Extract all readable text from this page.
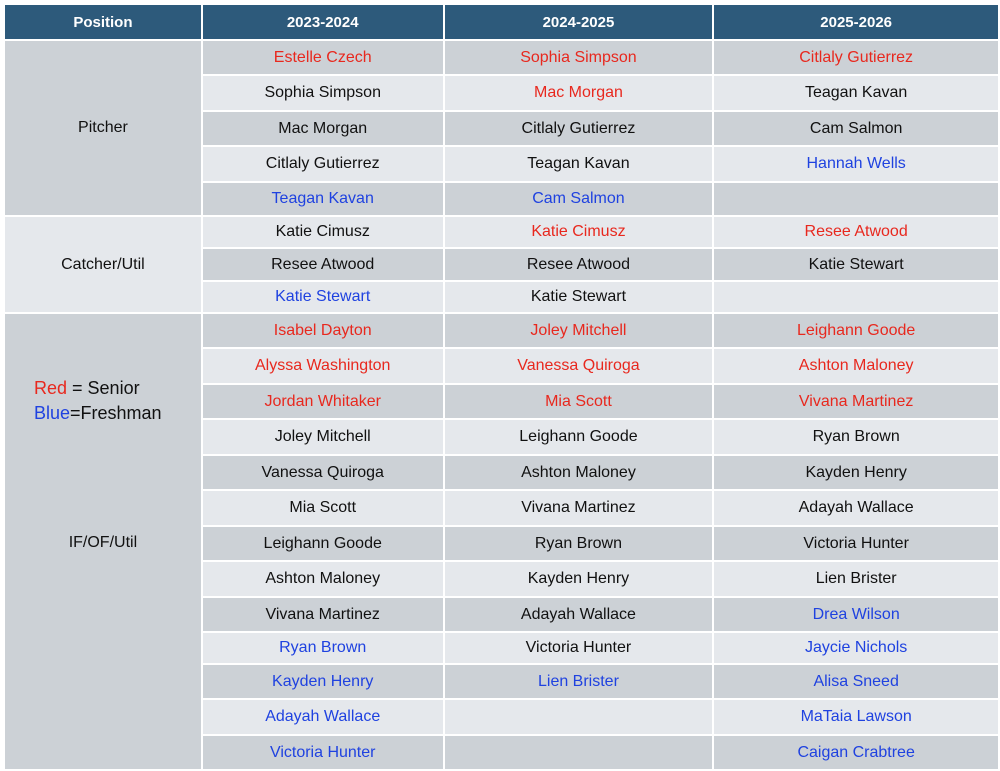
Position	2023-2024	2024-2025	2025-2026
Pitcher	Estelle Czech	Sophia Simpson	Citlaly Gutierrez
	Sophia Simpson	Mac Morgan	Teagan Kavan
	Mac Morgan	Citlaly Gutierrez	Cam Salmon
	Citlaly Gutierrez	Teagan Kavan	Hannah Wells
	Teagan Kavan	Cam Salmon	
Catcher/Util	Katie Cimusz	Katie Cimusz	Resee Atwood
	Resee Atwood	Resee Atwood	Katie Stewart
	Katie Stewart	Katie Stewart	

Red = Senior
Blue=Freshman
IF/OF/Util	Isabel Dayton	Joley Mitchell	Leighann Goode
	Alyssa Washington	Vanessa Quiroga	Ashton Maloney
	Jordan Whitaker	Mia Scott	Vivana Martinez
	Joley Mitchell	Leighann Goode	Ryan Brown
	Vanessa Quiroga	Ashton Maloney	Kayden Henry
	Mia Scott	Vivana Martinez	Adayah Wallace
	Leighann Goode	Ryan Brown	Victoria Hunter
	Ashton Maloney	Kayden Henry	Lien Brister
	Vivana Martinez	Adayah Wallace	Drea Wilson
	Ryan Brown	Victoria Hunter	Jaycie Nichols
	Kayden Henry	Lien Brister	Alisa Sneed
	Adayah Wallace		MaTaia Lawson
	Victoria Hunter		Caigan Crabtree
